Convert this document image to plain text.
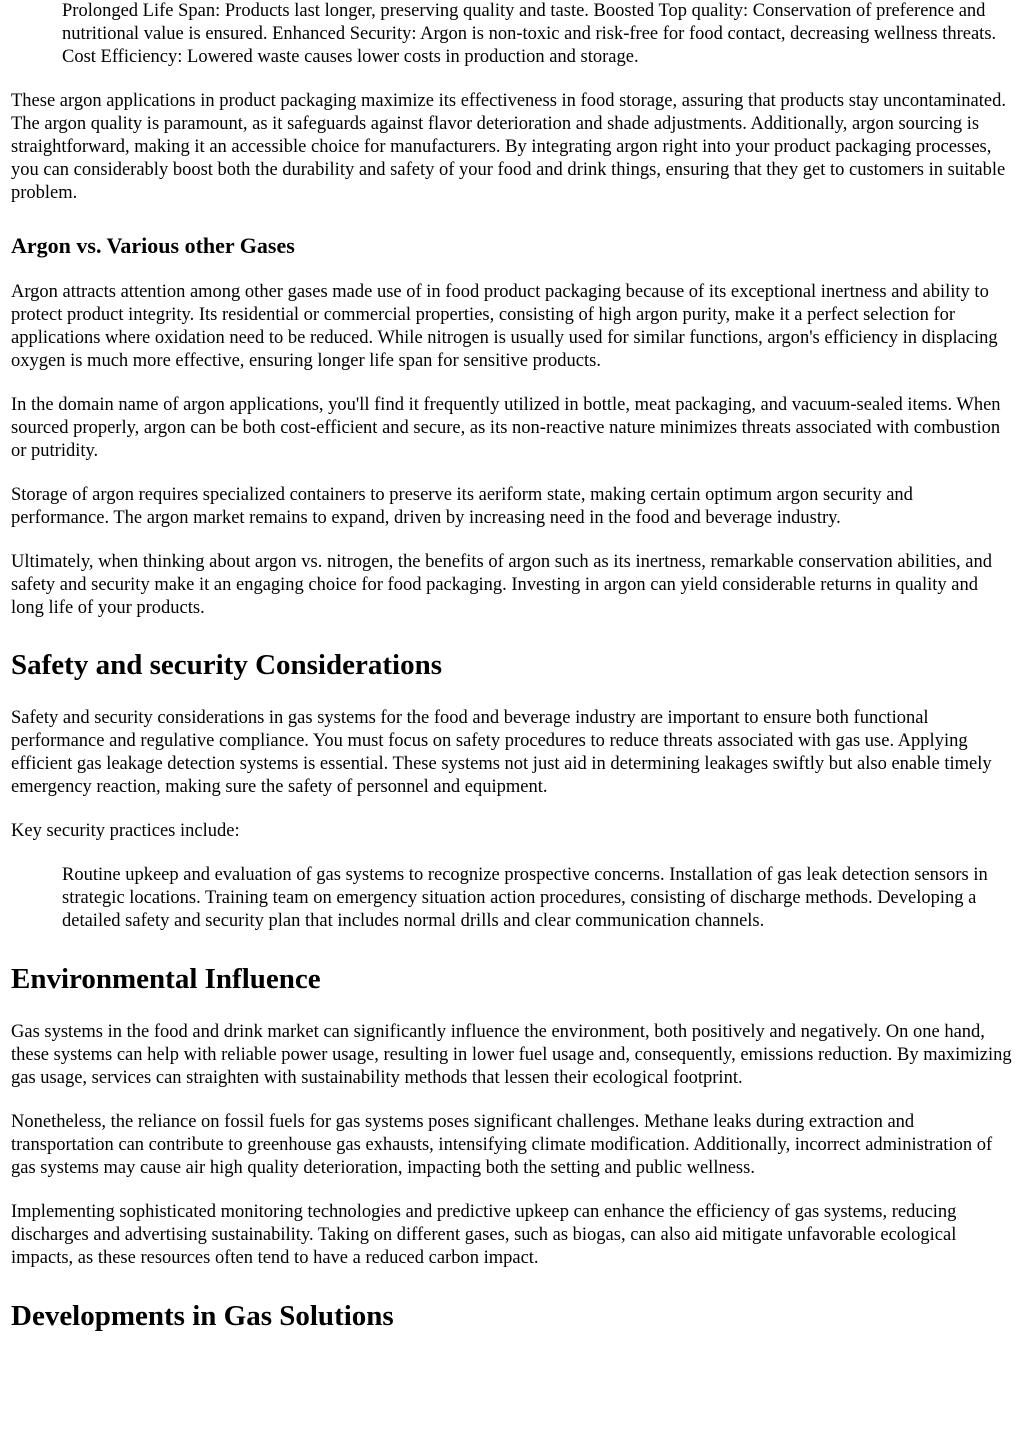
Prolonged Life Span: Products last longer, preserving quality and taste. Boosted Top quality: Conservation of preference and nutritional value is ensured. Enhanced Security: Argon is non-toxic and risk-free for food contact, decreasing wellness threats. Cost Efficiency: Lowered waste causes lower costs in production and storage.

These argon applications in product packaging maximize its effectiveness in food storage, assuring that products stay uncontaminated. The argon quality is paramount, as it safeguards against flavor deterioration and shade adjustments. Additionally, argon sourcing is straightforward, making it an accessible choice for manufacturers. By integrating argon right into your product packaging processes, you can considerably boost both the durability and safety of your food and drink things, ensuring that they get to customers in suitable problem.

Argon vs. Various other Gases

Argon attracts attention among other gases made use of in food product packaging because of its exceptional inertness and ability to protect product integrity. Its residential or commercial properties, consisting of high argon purity, make it a perfect selection for applications where oxidation need to be reduced. While nitrogen is usually used for similar functions, argon's efficiency in displacing oxygen is much more effective, ensuring longer life span for sensitive products.

In the domain name of argon applications, you'll find it frequently utilized in bottle, meat packaging, and vacuum-sealed items. When sourced properly, argon can be both cost-efficient and secure, as its non-reactive nature minimizes threats associated with combustion or putridity.

Storage of argon requires specialized containers to preserve its aeriform state, making certain optimum argon security and performance. The argon market remains to expand, driven by increasing need in the food and beverage industry.

Ultimately, when thinking about argon vs. nitrogen, the benefits of argon such as its inertness, remarkable conservation abilities, and safety and security make it an engaging choice for food packaging. Investing in argon can yield considerable returns in quality and long life of your products.

Safety and security Considerations

Safety and security considerations in gas systems for the food and beverage industry are important to ensure both functional performance and regulative compliance. You must focus on safety procedures to reduce threats associated with gas use. Applying efficient gas leakage detection systems is essential. These systems not just aid in determining leakages swiftly but also enable timely emergency reaction, making sure the safety of personnel and equipment.

Key security practices include:

Routine upkeep and evaluation of gas systems to recognize prospective concerns. Installation of gas leak detection sensors in strategic locations. Training team on emergency situation action procedures, consisting of discharge methods. Developing a detailed safety and security plan that includes normal drills and clear communication channels.

Environmental Influence

Gas systems in the food and drink market can significantly influence the environment, both positively and negatively. On one hand, these systems can help with reliable power usage, resulting in lower fuel usage and, consequently, emissions reduction. By maximizing gas usage, services can straighten with sustainability methods that lessen their ecological footprint.

Nonetheless, the reliance on fossil fuels for gas systems poses significant challenges. Methane leaks during extraction and transportation can contribute to greenhouse gas exhausts, intensifying climate modification. Additionally, incorrect administration of gas systems may cause air high quality deterioration, impacting both the setting and public wellness.

Implementing sophisticated monitoring technologies and predictive upkeep can enhance the efficiency of gas systems, reducing discharges and advertising sustainability. Taking on different gases, such as biogas, can also aid mitigate unfavorable ecological impacts, as these resources often tend to have a reduced carbon impact.

Developments in Gas Solutions
